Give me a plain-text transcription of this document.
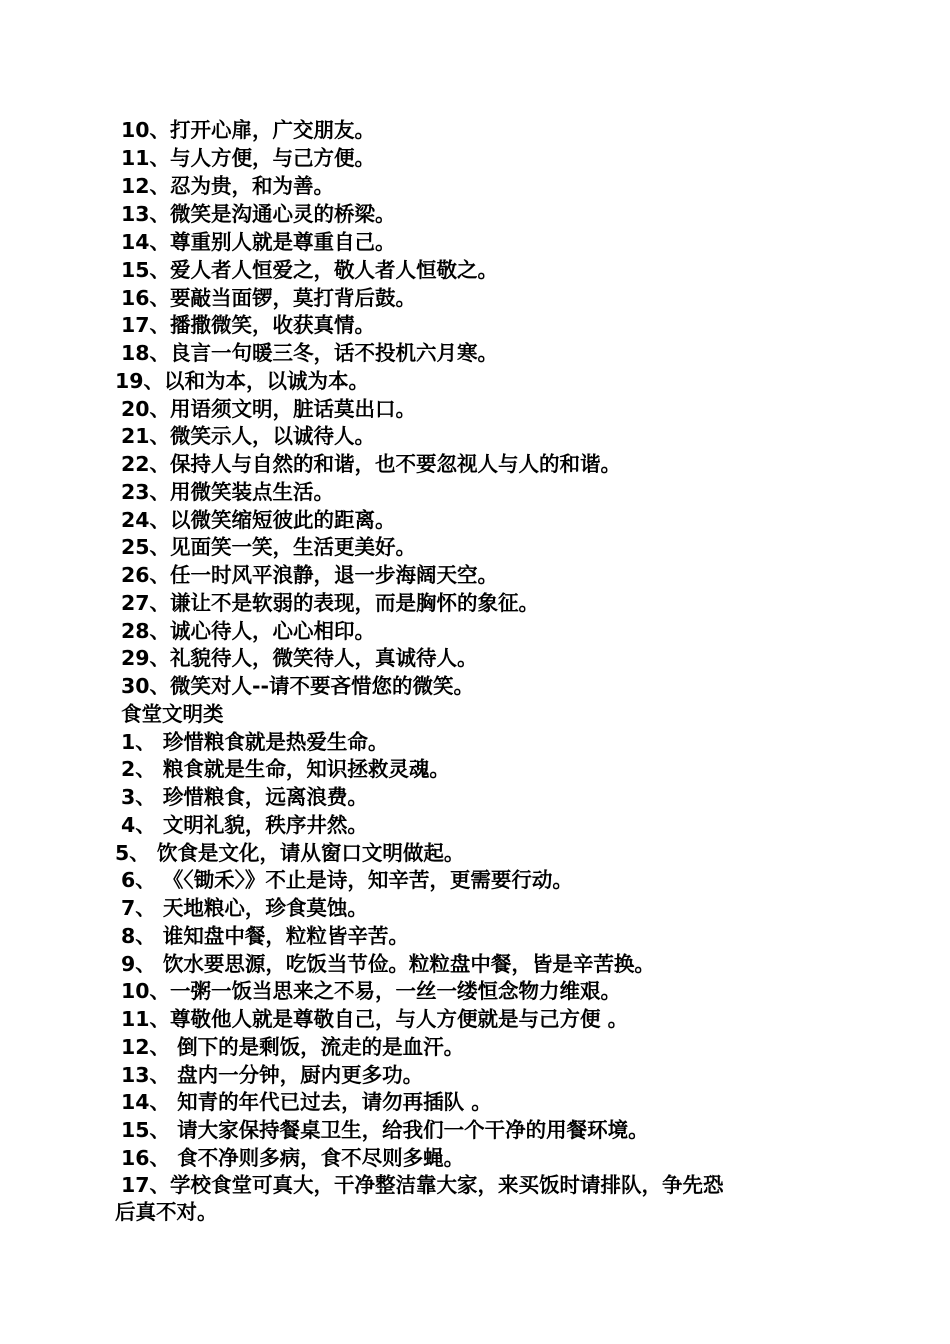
10、打开心扉，广交朋友。
11、与人方便，与己方便。
12、忍为贵，和为善。
13、微笑是沟通心灵的桥梁。
14、尊重别人就是尊重自己。
15、爱人者人恒爱之，敬人者人恒敬之。
16、要敲当面锣，莫打背后鼓。
17、播撒微笑，收获真情。
18、良言一句暖三冬，话不投机六月寒。
19、以和为本，以诚为本。
20、用语须文明，脏话莫出口。
21、微笑示人，以诚待人。
22、保持人与自然的和谐，也不要忽视人与人的和谐。
23、用微笑装点生活。
24、以微笑缩短彼此的距离。
25、见面笑一笑，生活更美好。
26、任一时风平浪静，退一步海阔天空。
27、谦让不是软弱的表现，而是胸怀的象征。
28、诚心待人，心心相印。
29、礼貌待人，微笑待人，真诚待人。
30、微笑对人--请不要吝惜您的微笑。
食堂文明类
1、 珍惜粮食就是热爱生命。
2、 粮食就是生命，知识拯救灵魂。
3、 珍惜粮食，远离浪费。
4、 文明礼貌，秩序井然。
5、 饮食是文化，请从窗口文明做起。
6、 《〈锄禾〉》不止是诗，知辛苦，更需要行动。
7、 天地粮心，珍食莫蚀。
8、 谁知盘中餐，粒粒皆辛苦。
9、 饮水要思源，吃饭当节俭。粒粒盘中餐，皆是辛苦换。
10、一粥一饭当思来之不易，一丝一缕恒念物力维艰。
11、尊敬他人就是尊敬自己，与人方便就是与己方便 。
12、 倒下的是剩饭，流走的是血汗。
13、 盘内一分钟，厨内更多功。
14、 知青的年代已过去，请勿再插队 。
15、 请大家保持餐桌卫生，给我们一个干净的用餐环境。
16、 食不净则多病，食不尽则多蝇。
17、学校食堂可真大，干净整洁靠大家，来买饭时请排队，争先恐
后真不对。
